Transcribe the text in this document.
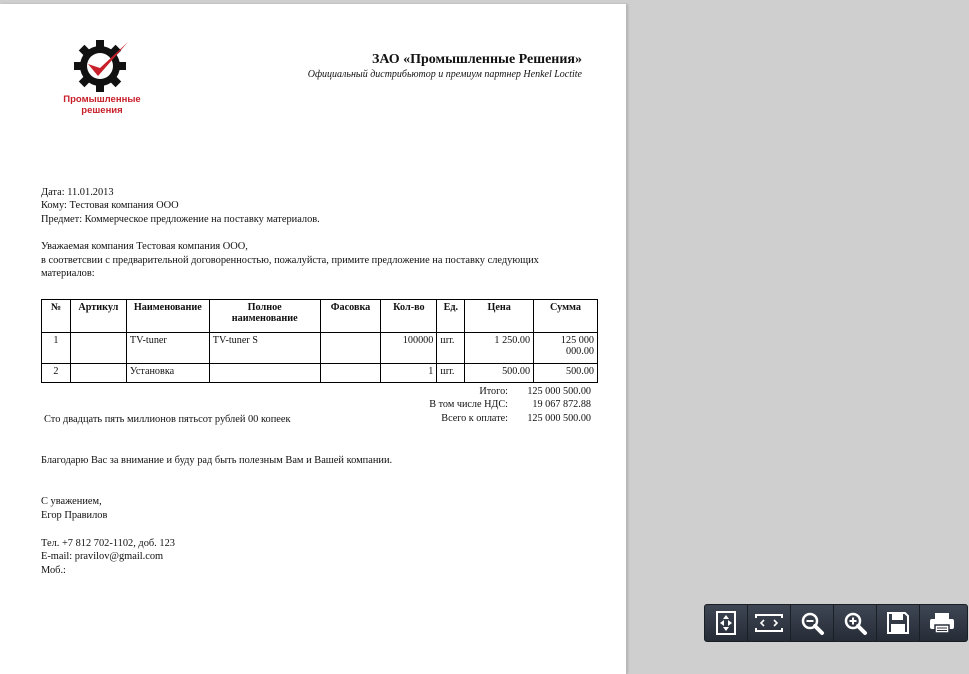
Промышленные
решения
ЗАО «Промышленные Решения»
Официальный дистрибьютор и премиум партнер Henkel Loctite
Дата: 11.01.2013
Кому: Тестовая компания ООО
Предмет: Коммерческое предложение на поставку материалов.
Уважаемая компания Тестовая компания ООО,
в соответсвии с предварительной договоренностью, пожалуйста, примите предложение на поставку следующих
материалов:
№	Артикул	Наименование	Полное
наименование	Фасовка	Кол-во	Ед.	Цена	Сумма
1		TV-tuner	TV-tuner S		100000	шт.	1 250.00	125 000
000.00
2		Установка			1	шт.	500.00	500.00
Итого: 125 000 500.00
В том числе НДС: 19 067 872.88
Сто двадцать пять миллионов пятьсот рублей 00 копеек	Всего к оплате: 125 000 500.00
Благодарю Вас за внимание и буду рад быть полезным Вам и Вашей компании.
С уважением,
Егор Правилов
Тел. +7 812 702-1102, доб. 123
E-mail: pravilov@gmail.com
Моб.:
